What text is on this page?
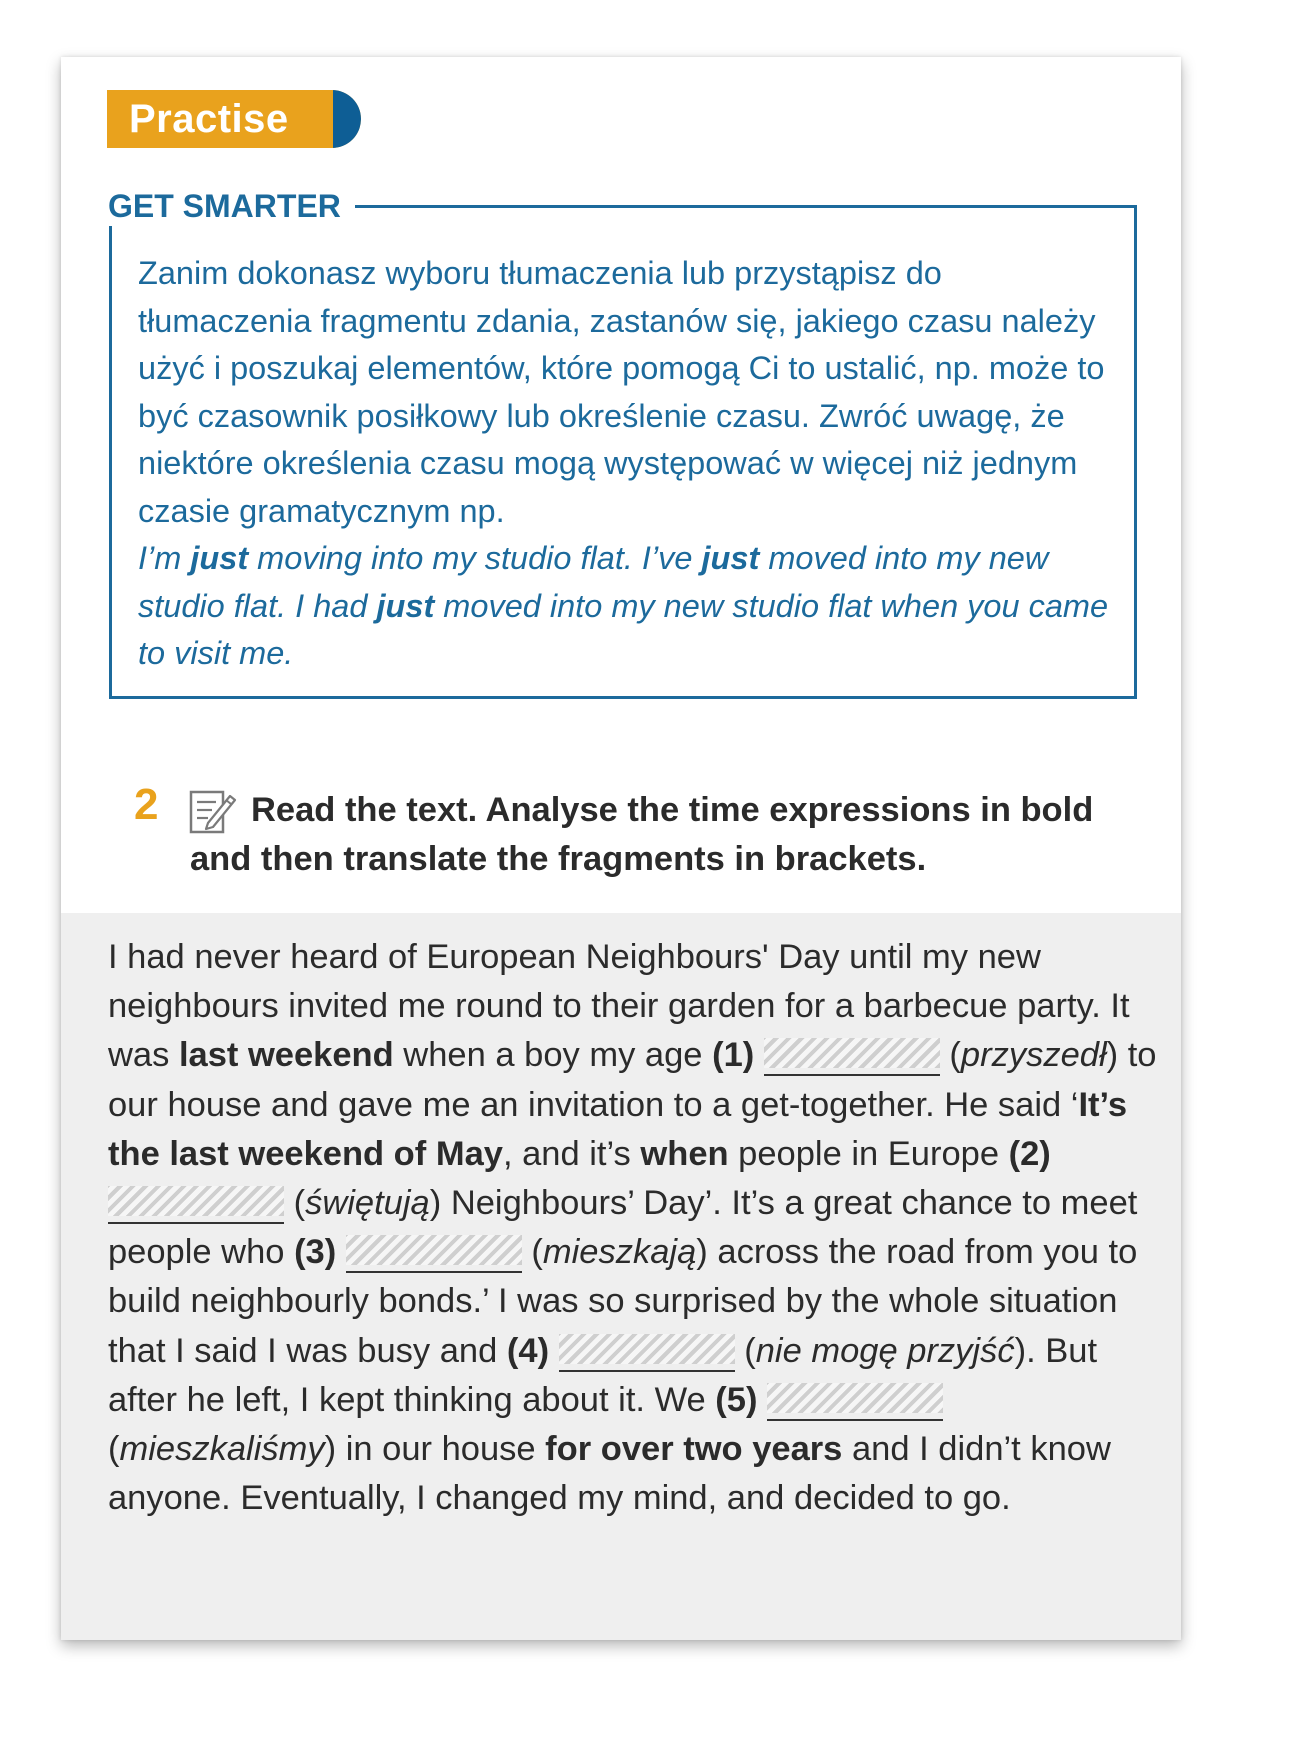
Practise
GET SMARTER

Zanim dokonasz wyboru tłumaczenia lub przystąpisz do tłumaczenia fragmentu zdania, zastanów się, jakiego czasu należy użyć i poszukaj elementów, które pomogą Ci to ustalić, np. może to być czasownik posiłkowy lub określenie czasu. Zwróć uwagę, że niektóre określenia czasu mogą występować w więcej niż jednym czasie gramatycznym np.
I’m just moving into my studio flat. I’ve just moved into my new studio flat. I had just moved into my new studio flat when you came to visit me.

2	Read the text. Analyse the time expressions in bold and then translate the fragments in brackets.

I had never heard of European Neighbours' Day until my new neighbours invited me round to their garden for a barbecue party. It was last weekend when a boy my age (1)	(przyszedł) to our house and gave me an invitation to a get-together. He said ‘It’s the last weekend of May, and it’s when people in Europe (2)  (świętują) Neighbours’ Day’. It’s a great chance to meet people who (3)	(mieszkają) across the road from you to build neighbourly bonds.’ I was so surprised by the whole situation that I said I was busy and (4)	(nie mogę przyjść). But after he left, I kept thinking about it. We (5)  (mieszkaliśmy) in our house for over two years and I didn’t know anyone. Eventually, I changed my mind, and decided to go.
